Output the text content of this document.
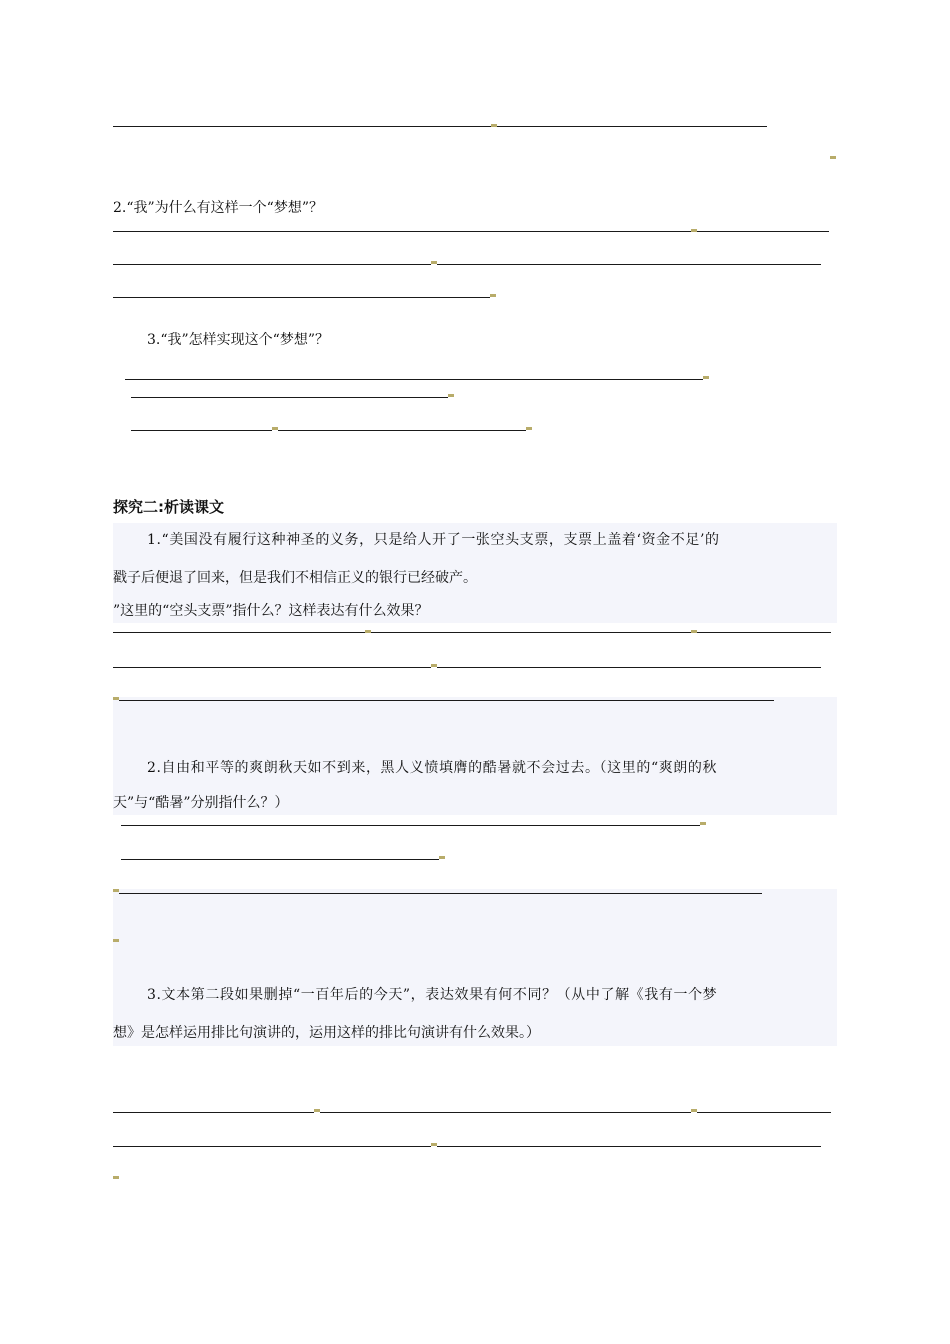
2.“我”为什么有这样一个“梦想”？
3.“我”怎样实现这个“梦想”？
探究二:析读课文
1.“美国没有履行这种神圣的义务，只是给人开了一张空头支票，支票上盖着‘资金不足’的
戳子后便退了回来，但是我们不相信正义的银行已经破产。
”这里的“空头支票”指什么？这样表达有什么效果？
2.自由和平等的爽朗秋天如不到来，黑人义愤填膺的酷暑就不会过去。（这里的“爽朗的秋
天”与“酷暑”分别指什么？）
3.文本第二段如果删掉“一百年后的今天”，表达效果有何不同？（从中了解《我有一个梦
想》是怎样运用排比句演讲的，运用这样的排比句演讲有什么效果。）
